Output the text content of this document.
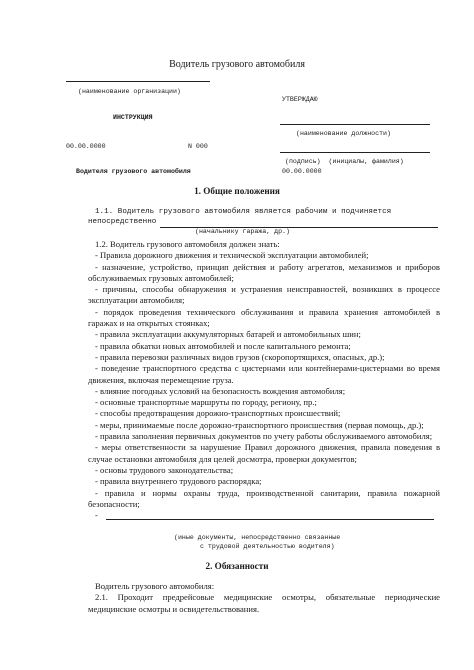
Водитель грузового автомобиля
(наименование организации)
УТВЕРЖДАЮ
ИНСТРУКЦИЯ
(наименование должности)
00.00.0000	N 000
(подпись)  (инициалы, фамилия)
Водителя грузового автомобиля	00.00.0000
1. Общие положения
1.1. Водитель грузового автомобиля является рабочим и подчиняется
непосредственно
(начальнику гаража, др.)

1.2. Водитель грузового автомобиля должен знать:

- Правила дорожного движения и технической эксплуатации автомобилей;

- назначение, устройство, принцип действия и работу агрегатов, механизмов и приборов обслуживаемых грузовых автомобилей;

- причины, способы обнаружения и устранения неисправностей, возникших в процессе эксплуатации автомобиля;

- порядок проведения технического обслуживания и правила хранения автомобилей в гаражах и на открытых стоянках;

- правила эксплуатации аккумуляторных батарей и автомобильных шин;

- правила обкатки новых автомобилей и после капитального ремонта;

- правила перевозки различных видов грузов (скоропортящихся, опасных, др.);

- поведение транспортного средства с цистернами или контейнерами-цистернами во время движения, включая перемещение груза.

- влияние погодных условий на безопасность вождения автомобиля;

- основные транспортные маршруты по городу, региону, пр.;

- способы предотвращения дорожно-транспортных происшествий;

- меры, принимаемые после дорожно-транспортного происшествия (первая помощь, др.);

- правила заполнения первичных документов по учету работы обслуживаемого автомобиля;

- меры ответственности за нарушение Правил дорожного движения, правила поведения в случае остановки автомобиля для целей досмотра, проверки документов;

- основы трудового законодательства;

- правила внутреннего трудового распорядка;

- правила и нормы охраны труда, производственной санитарии, правила пожарной безопасности;

-

(иные документы, непосредственно связанные
с трудовой деятельностью водителя)
2. Обязанности

Водитель грузового автомобиля:

2.1. Проходит предрейсовые медицинские осмотры, обязательные периодические медицинские осмотры и освидетельствования.
